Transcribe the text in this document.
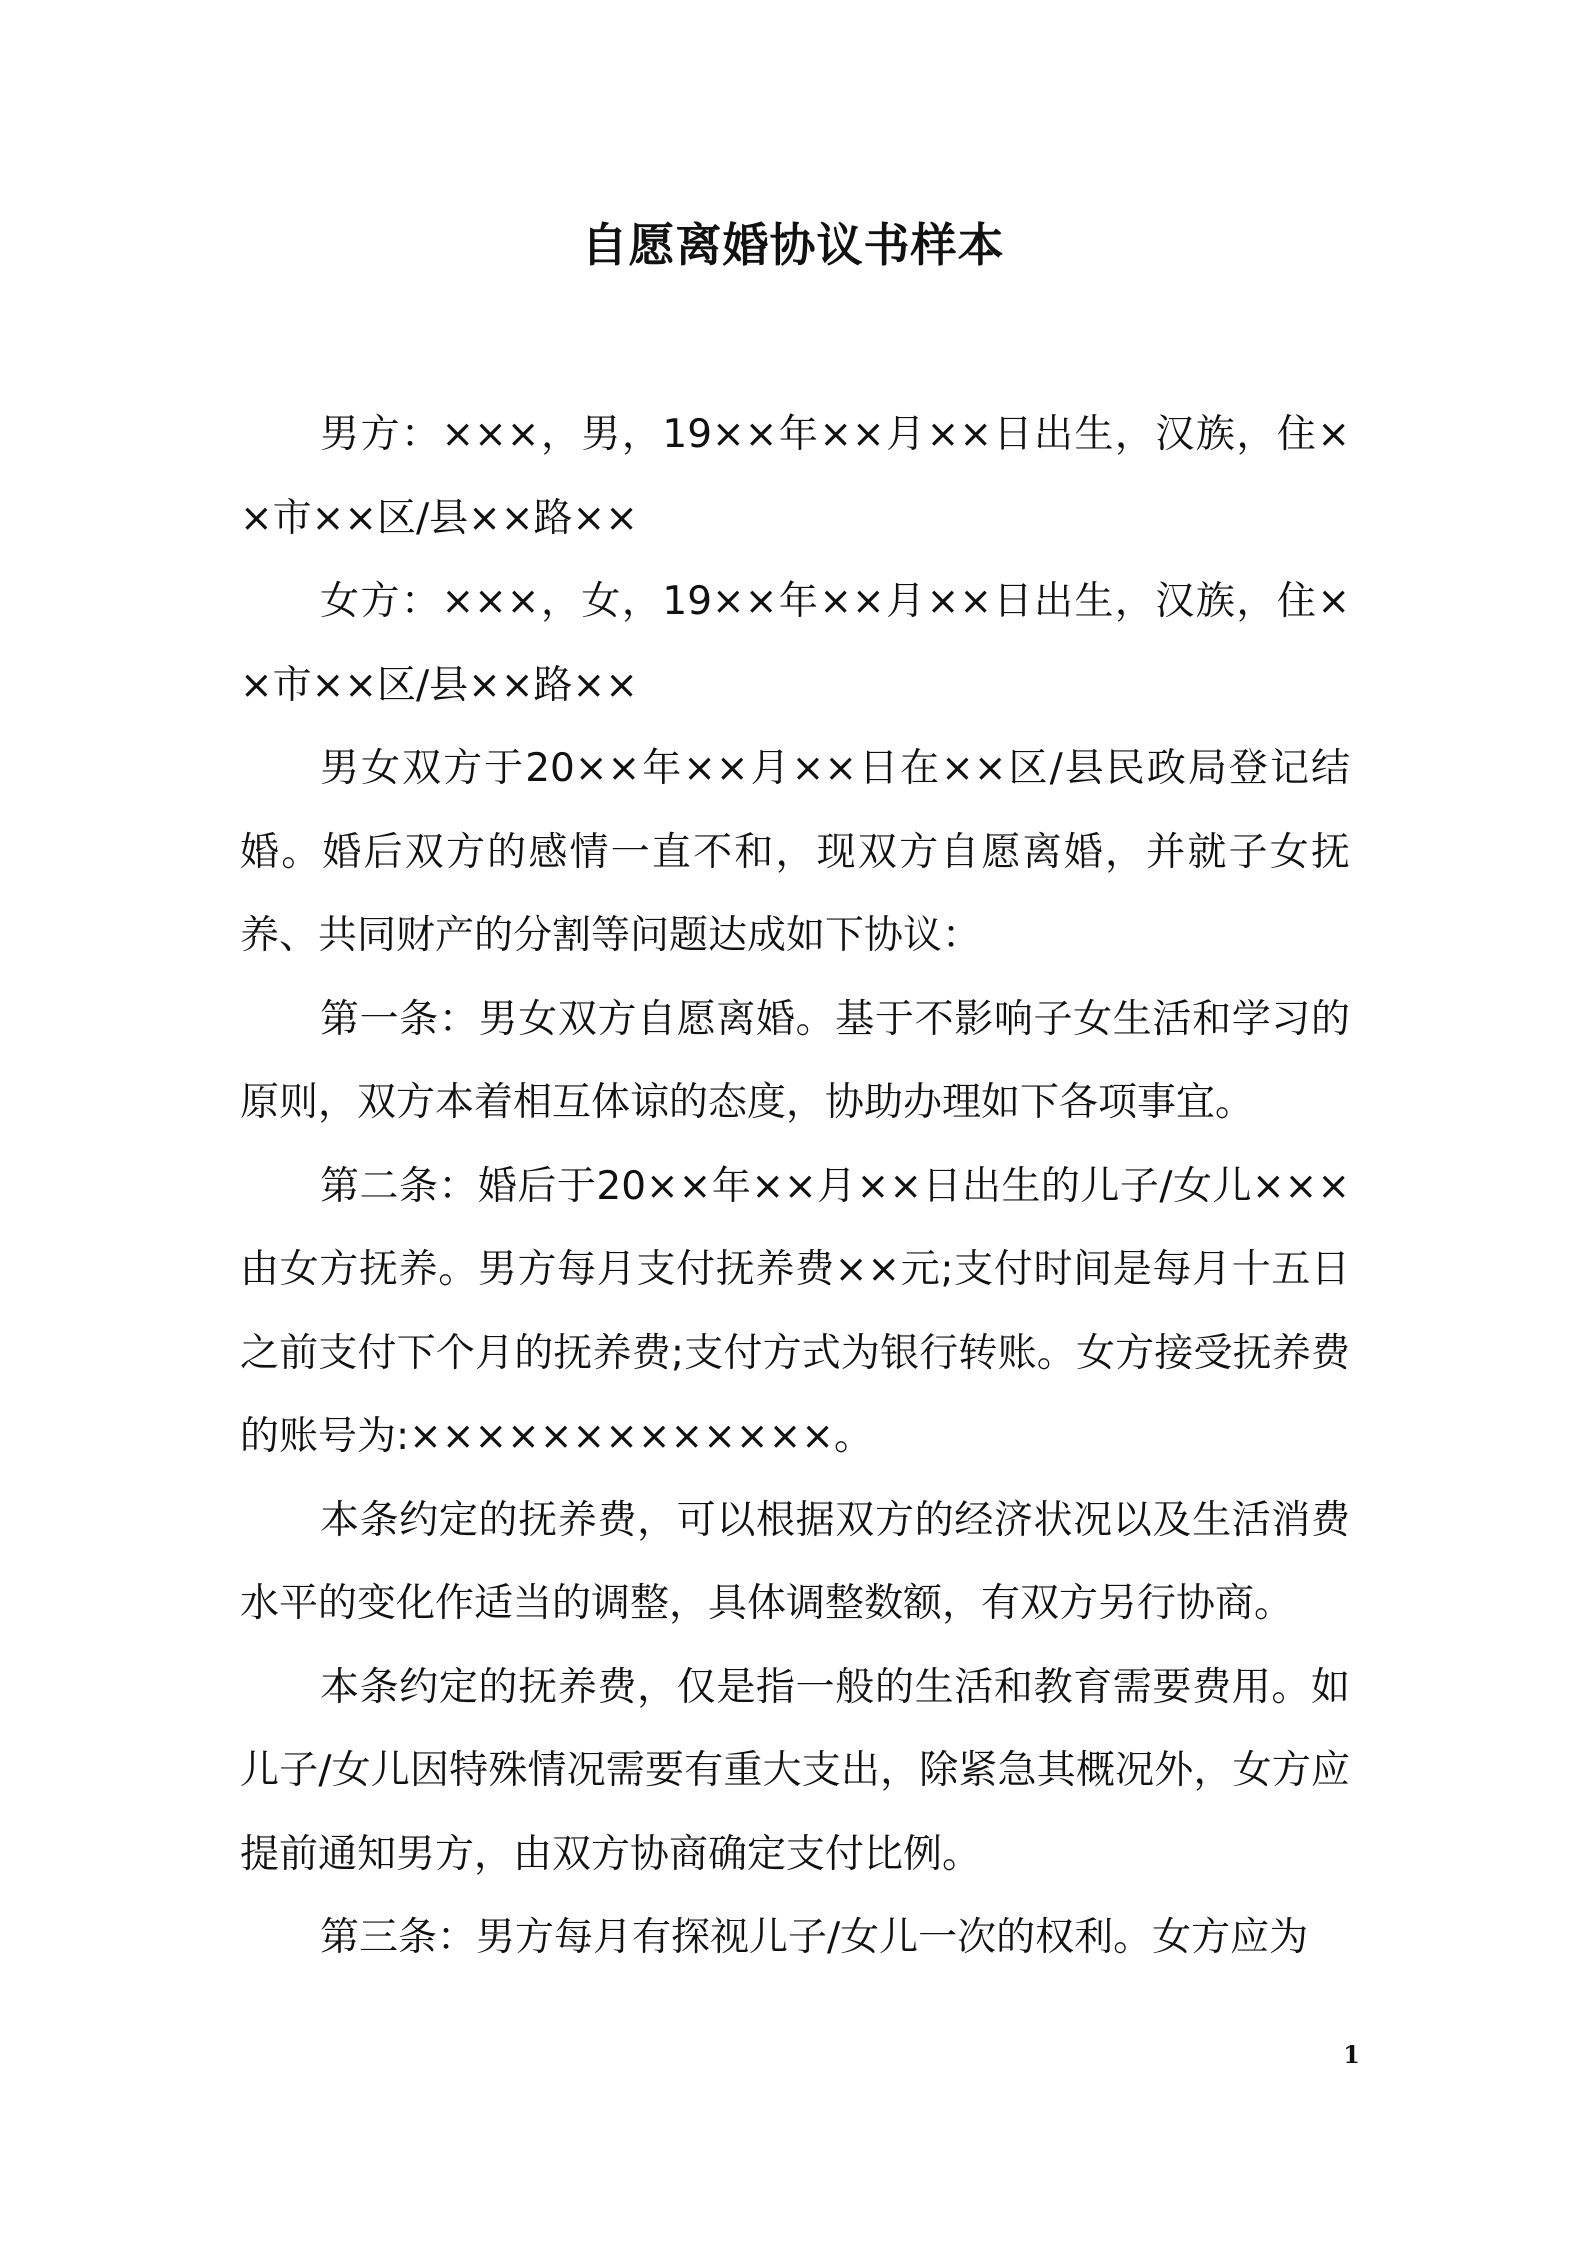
自愿离婚协议书样本

男方：×××，男，19××年××月××日出生，汉族，住××市××区/县××路××

女方：×××，女，19××年××月××日出生，汉族，住××市××区/县××路××

男女双方于20××年××月××日在××区/县民政局登记结婚。婚后双方的感情一直不和，现双方自愿离婚，并就子女抚养、共同财产的分割等问题达成如下协议：

第一条：男女双方自愿离婚。基于不影响子女生活和学习的原则，双方本着相互体谅的态度，协助办理如下各项事宜。

第二条：婚后于20××年××月××日出生的儿子/女儿×××由女方抚养。男方每月支付抚养费××元;支付时间是每月十五日之前支付下个月的抚养费;支付方式为银行转账。女方接受抚养费的账号为:×××××××××××××。

本条约定的抚养费，可以根据双方的经济状况以及生活消费水平的变化作适当的调整，具体调整数额，有双方另行协商。

本条约定的抚养费，仅是指一般的生活和教育需要费用。如儿子/女儿因特殊情况需要有重大支出，除紧急其概况外，女方应提前通知男方，由双方协商确定支付比例。

第三条：男方每月有探视儿子/女儿一次的权利。女方应为

1
